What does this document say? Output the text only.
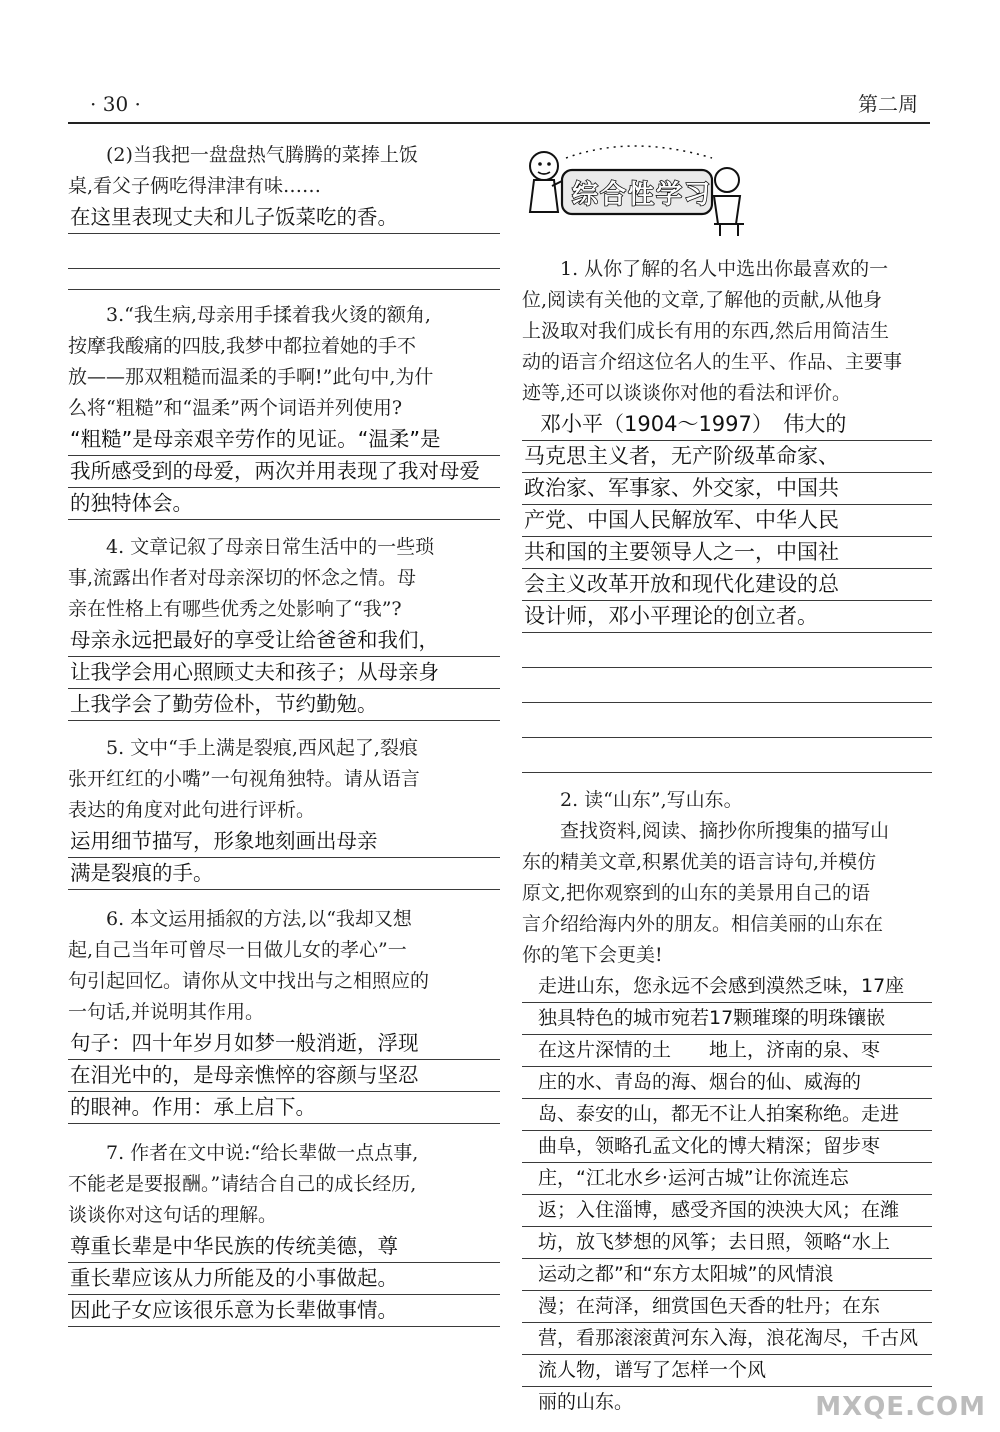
· 30 ·	第二周
(2)当我把一盘盘热气腾腾的菜捧上饭
桌,看父子俩吃得津津有味……
在这里表现丈夫和儿子饭菜吃的香。
3.“我生病,母亲用手揉着我火烫的额角,
按摩我酸痛的四肢,我梦中都拉着她的手不
放——那双粗糙而温柔的手啊!”此句中,为什
么将“粗糙”和“温柔”两个词语并列使用?
“粗糙”是母亲艰辛劳作的见证。“温柔”是
我所感受到的母爱，两次并用表现了我对母爱
的独特体会。
4. 文章记叙了母亲日常生活中的一些琐
事,流露出作者对母亲深切的怀念之情。母
亲在性格上有哪些优秀之处影响了“我”?
母亲永远把最好的享受让给爸爸和我们，
让我学会用心照顾丈夫和孩子；从母亲身
上我学会了勤劳俭朴，节约勤勉。
5. 文中“手上满是裂痕,西风起了,裂痕
张开红红的小嘴”一句视角独特。请从语言
表达的角度对此句进行评析。
运用细节描写，形象地刻画出母亲
满是裂痕的手。
6. 本文运用插叙的方法,以“我却又想
起,自己当年可曾尽一日做儿女的孝心”一
句引起回忆。请你从文中找出与之相照应的
一句话,并说明其作用。
句子：四十年岁月如梦一般消逝，浮现
在泪光中的，是母亲憔悴的容颜与坚忍
的眼神。作用：承上启下。
7. 作者在文中说:“给长辈做一点点事,
不能老是要报酬。”请结合自己的成长经历,
谈谈你对这句话的理解。
尊重长辈是中华民族的传统美德，尊
重长辈应该从力所能及的小事做起。
因此子女应该很乐意为长辈做事情。
综合性学习
1. 从你了解的名人中选出你最喜欢的一
位,阅读有关他的文章,了解他的贡献,从他身
上汲取对我们成长有用的东西,然后用简洁生
动的语言介绍这位名人的生平、作品、主要事
迹等,还可以谈谈你对他的看法和评价。
邓小平（1904～1997）　伟大的
马克思主义者，无产阶级革命家、
政治家、军事家、外交家，中国共
产党、中国人民解放军、中华人民
共和国的主要领导人之一，中国社
会主义改革开放和现代化建设的总
设计师，邓小平理论的创立者。
2. 读“山东”,写山东。
查找资料,阅读、摘抄你所搜集的描写山
东的精美文章,积累优美的语言诗句,并模仿
原文,把你观察到的山东的美景用自己的语
言介绍给海内外的朋友。相信美丽的山东在
你的笔下会更美!
走进山东，您永远不会感到漠然乏味，17座
独具特色的城市宛若17颗璀璨的明珠镶嵌
在这片深情的土　　地上，济南的泉、枣
庄的水、青岛的海、烟台的仙、威海的
岛、泰安的山，都无不让人拍案称绝。走进
曲阜，领略孔孟文化的博大精深；留步枣
庄，“江北水乡·运河古城”让你流连忘
返；入住淄博，感受齐国的泱泱大风；在潍
坊，放飞梦想的风筝；去日照，领略“水上
运动之都”和“东方太阳城”的风情浪
漫；在菏泽，细赏国色天香的牡丹；在东
营，看那滚滚黄河东入海，浪花淘尽，千古风
流人物，谱写了怎样一个风
丽的山东。	MXQE.COM
